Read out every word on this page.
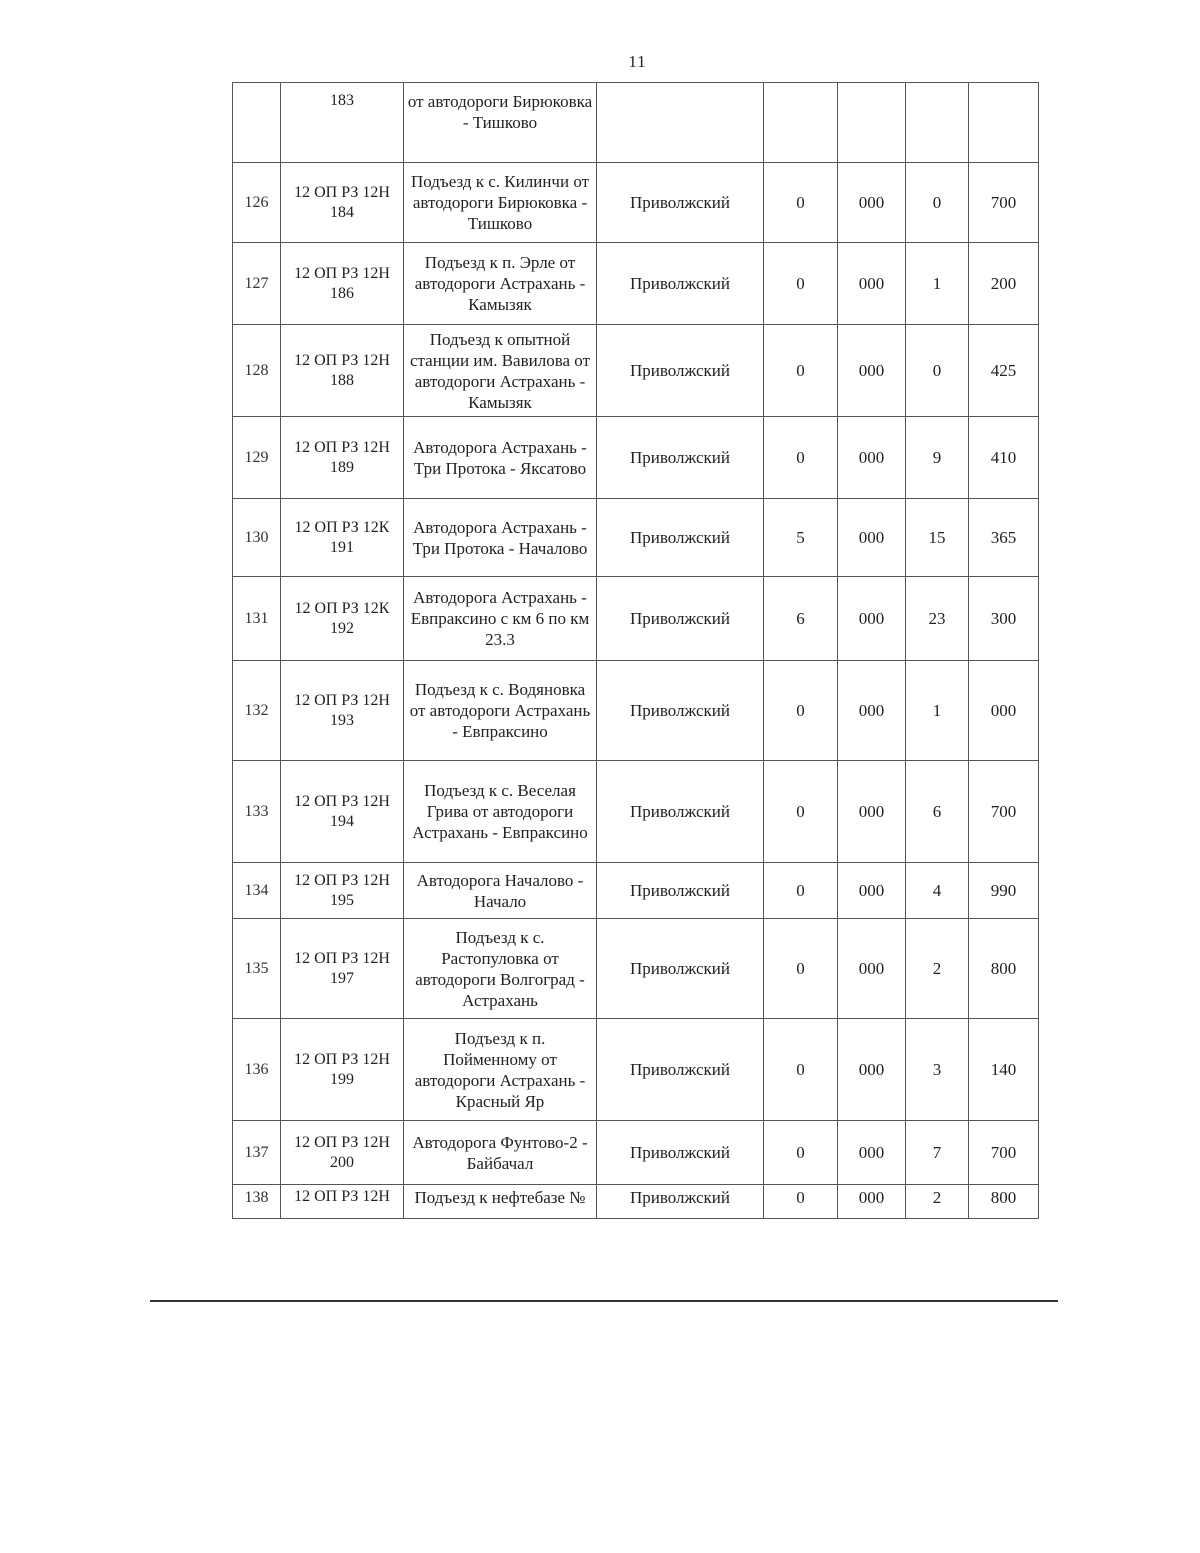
11
	183	от автодороги Бирюковка - Тишково					
126	12 ОП РЗ 12Н 184	Подъезд к с. Килинчи от автодороги Бирюковка - Тишково	Приволжский	0	000	0	700
127	12 ОП РЗ 12Н 186	Подъезд к п. Эрле от автодороги Астрахань - Камызяк	Приволжский	0	000	1	200
128	12 ОП РЗ 12Н 188	Подъезд к опытной станции им. Вавилова от автодороги Астрахань - Камызяк	Приволжский	0	000	0	425
129	12 ОП РЗ 12Н 189	Автодорога Астрахань - Три Протока - Яксатово	Приволжский	0	000	9	410
130	12 ОП РЗ 12К 191	Автодорога Астрахань - Три Протока - Началово	Приволжский	5	000	15	365
131	12 ОП РЗ 12К 192	Автодорога Астрахань - Евпраксино с км 6 по км 23.3	Приволжский	6	000	23	300
132	12 ОП РЗ 12Н 193	Подъезд к с. Водяновка от автодороги Астрахань - Евпраксино	Приволжский	0	000	1	000
133	12 ОП РЗ 12Н 194	Подъезд к с. Веселая Грива от автодороги Астрахань - Евпраксино	Приволжский	0	000	6	700
134	12 ОП РЗ 12Н 195	Автодорога Началово - Начало	Приволжский	0	000	4	990
135	12 ОП РЗ 12Н 197	Подъезд к с. Растопуловка от автодороги Волгоград - Астрахань	Приволжский	0	000	2	800
136	12 ОП РЗ 12Н 199	Подъезд к п. Пойменному от автодороги Астрахань - Красный Яр	Приволжский	0	000	3	140
137	12 ОП РЗ 12Н 200	Автодорога Фунтово-2 - Байбачал	Приволжский	0	000	7	700
138	12 ОП РЗ 12Н	Подъезд к нефтебазе №	Приволжский	0	000	2	800
